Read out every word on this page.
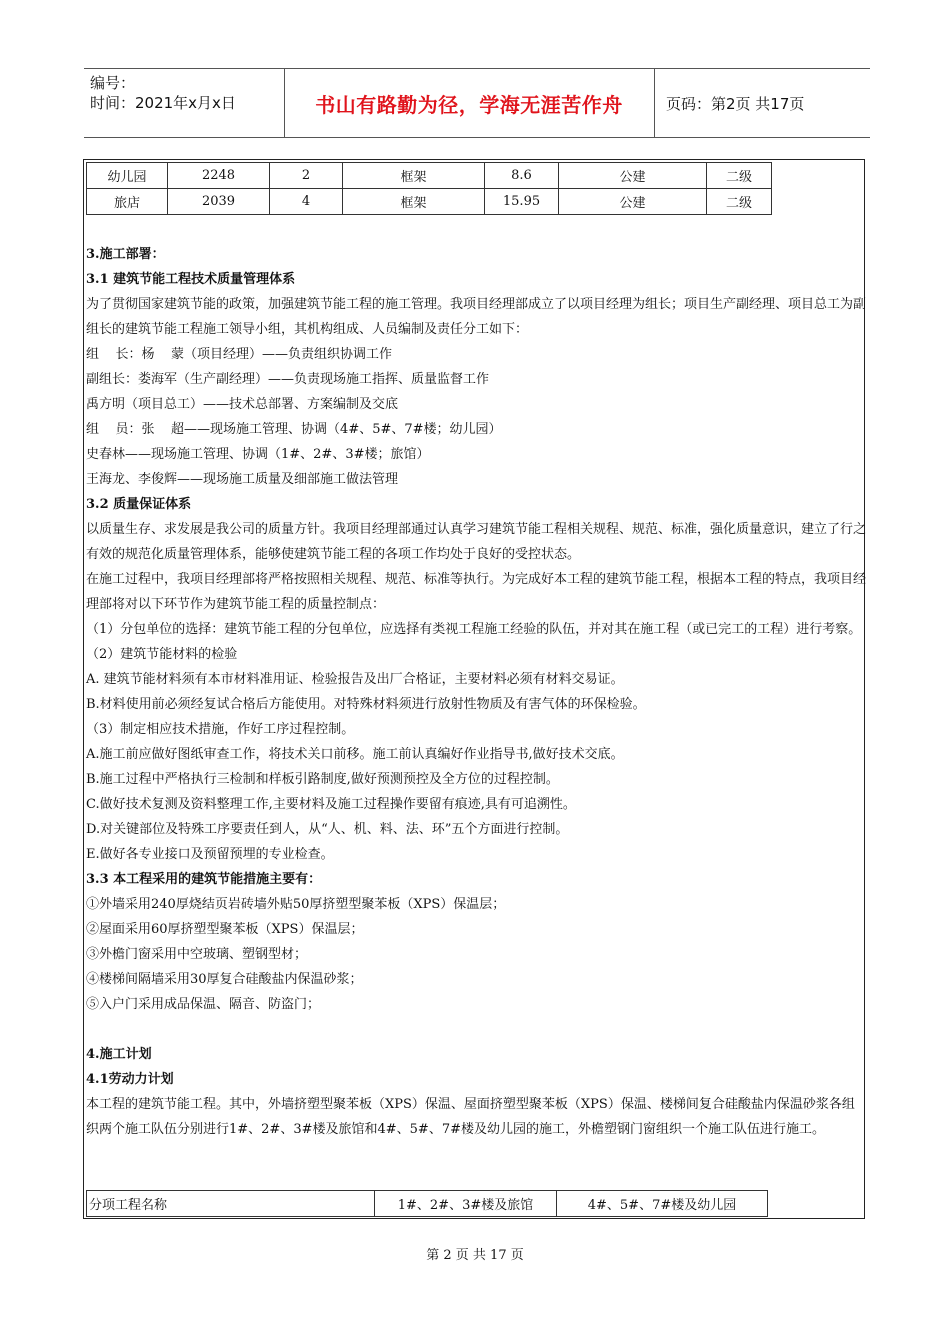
编号：
时间：2021年x月x日	书山有路勤为径，学海无涯苦作舟	页码：第2页 共17页
幼儿园	2248	2	框架	8.6	公建	二级
旅店	2039	4	框架	15.95	公建	二级

3.施工部署：

3.1 建筑节能工程技术质量管理体系

为了贯彻国家建筑节能的政策，加强建筑节能工程的施工管理。我项目经理部成立了以项目经理为组长；项目生产副经理、项目总工为副组长的建筑节能工程施工领导小组，其机构组成、人员编制及责任分工如下：

组    长：杨    蒙（项目经理）——负责组织协调工作

副组长：娄海军（生产副经理）——负责现场施工指挥、质量监督工作

禹方明（项目总工）——技术总部署、方案编制及交底

组    员：张    超——现场施工管理、协调（4#、5#、7#楼；幼儿园）

史春林——现场施工管理、协调（1#、2#、3#楼；旅馆）

王海龙、李俊辉——现场施工质量及细部施工做法管理

3.2 质量保证体系

以质量生存、求发展是我公司的质量方针。我项目经理部通过认真学习建筑节能工程相关规程、规范、标准，强化质量意识，建立了行之有效的规范化质量管理体系，能够使建筑节能工程的各项工作均处于良好的受控状态。

在施工过程中，我项目经理部将严格按照相关规程、规范、标准等执行。为完成好本工程的建筑节能工程，根据本工程的特点，我项目经理部将对以下环节作为建筑节能工程的质量控制点：

（1）分包单位的选择：建筑节能工程的分包单位，应选择有类视工程施工经验的队伍，并对其在施工程（或已完工的工程）进行考察。

（2）建筑节能材料的检验

A. 建筑节能材料须有本市材料准用证、检验报告及出厂合格证，主要材料必须有材料交易证。

B.材料使用前必须经复试合格后方能使用。对特殊材料须进行放射性物质及有害气体的环保检验。

（3）制定相应技术措施，作好工序过程控制。

A.施工前应做好图纸审查工作，将技术关口前移。施工前认真编好作业指导书,做好技术交底。

B.施工过程中严格执行三检制和样板引路制度,做好预测预控及全方位的过程控制。

C.做好技术复测及资料整理工作,主要材料及施工过程操作要留有痕迹,具有可追溯性。

D.对关键部位及特殊工序要责任到人，从“人、机、料、法、环”五个方面进行控制。

E.做好各专业接口及预留预埋的专业检查。

3.3 本工程采用的建筑节能措施主要有：

①外墙采用240厚烧结页岩砖墙外贴50厚挤塑型聚苯板（XPS）保温层；

②屋面采用60厚挤塑型聚苯板（XPS）保温层；

③外檐门窗采用中空玻璃、塑钢型材；

④楼梯间隔墙采用30厚复合硅酸盐内保温砂浆；

⑤入户门采用成品保温、隔音、防盗门；

4.施工计划

4.1劳动力计划

本工程的建筑节能工程。其中，外墙挤塑型聚苯板（XPS）保温、屋面挤塑型聚苯板（XPS）保温、楼梯间复合硅酸盐内保温砂浆各组织两个施工队伍分别进行1#、2#、3#楼及旅馆和4#、5#、7#楼及幼儿园的施工，外檐塑钢门窗组织一个施工队伍进行施工。

分项工程名称	1#、2#、3#楼及旅馆	4#、5#、7#楼及幼儿园
第 2 页 共 17 页
